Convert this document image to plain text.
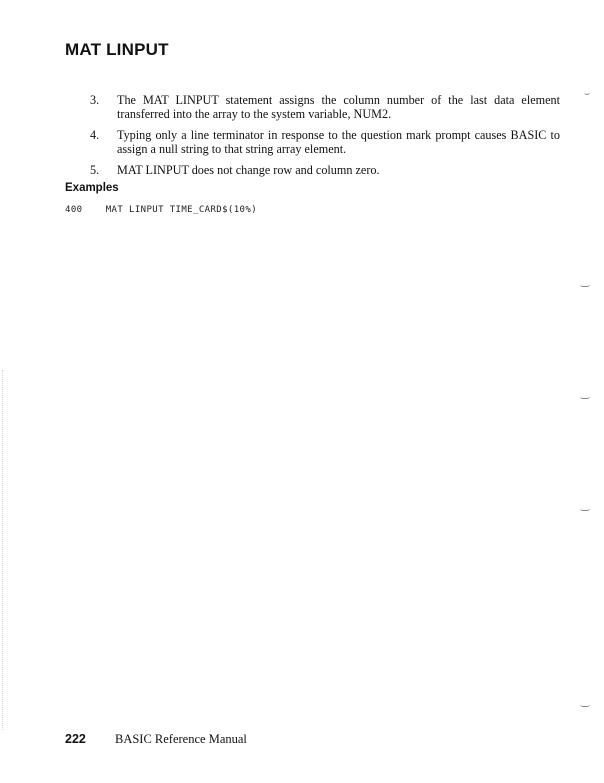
MAT LINPUT
3.	The MAT LINPUT statement assigns the column number of the last data element transferred into the array to the system variable, NUM2.
4.	Typing only a line terminator in response to the question mark prompt causes BASIC to assign a null string to that string array element.
5.	MAT LINPUT does not change row and column zero.
Examples
400    MAT LINPUT TIME_CARD$(10%)
222 BASIC Reference Manual
